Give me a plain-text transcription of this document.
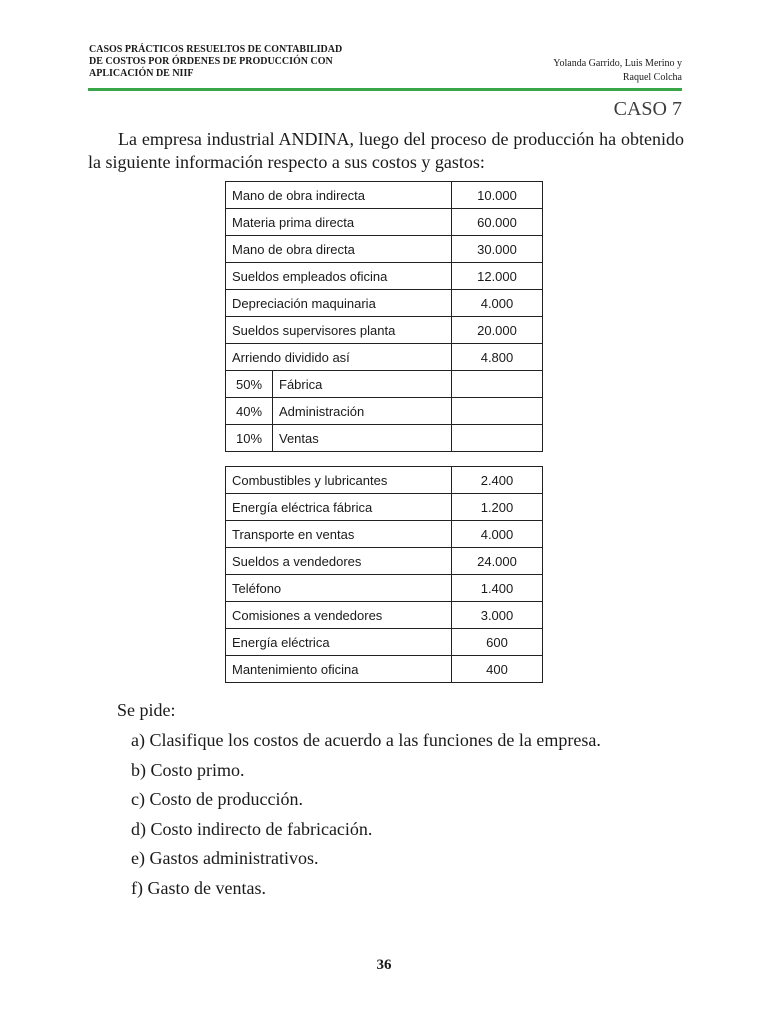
CASOS PRÁCTICOS RESUELTOS DE CONTABILIDAD
DE COSTOS POR ÓRDENES DE PRODUCCIÓN CON
APLICACIÓN DE NIIF
Yolanda Garrido, Luis Merino y
Raquel Colcha
CASO 7

La empresa industrial ANDINA, luego del proceso de producción ha obtenido la siguiente información respecto a sus costos y gastos:

Mano de obra indirecta		10.000
Materia prima directa		60.000
Mano de obra directa		30.000
Sueldos empleados oficina		12.000
Depreciación maquinaria		4.000
Sueldos supervisores planta		20.000
Arriendo dividido así		4.800
50%	Fábrica	
40%	Administración	
10%	Ventas	
Combustibles y lubricantes	2.400
Energía eléctrica fábrica	1.200
Transporte en ventas	4.000
Sueldos a vendedores	24.000
Teléfono	1.400
Comisiones a vendedores	3.000
Energía eléctrica	600
Mantenimiento oficina	400
Se pide:
a) Clasifique los costos de acuerdo a las funciones de la empresa.
b) Costo primo.
c) Costo de producción.
d) Costo indirecto de fabricación.
e) Gastos administrativos.
f) Gasto de ventas.
36
